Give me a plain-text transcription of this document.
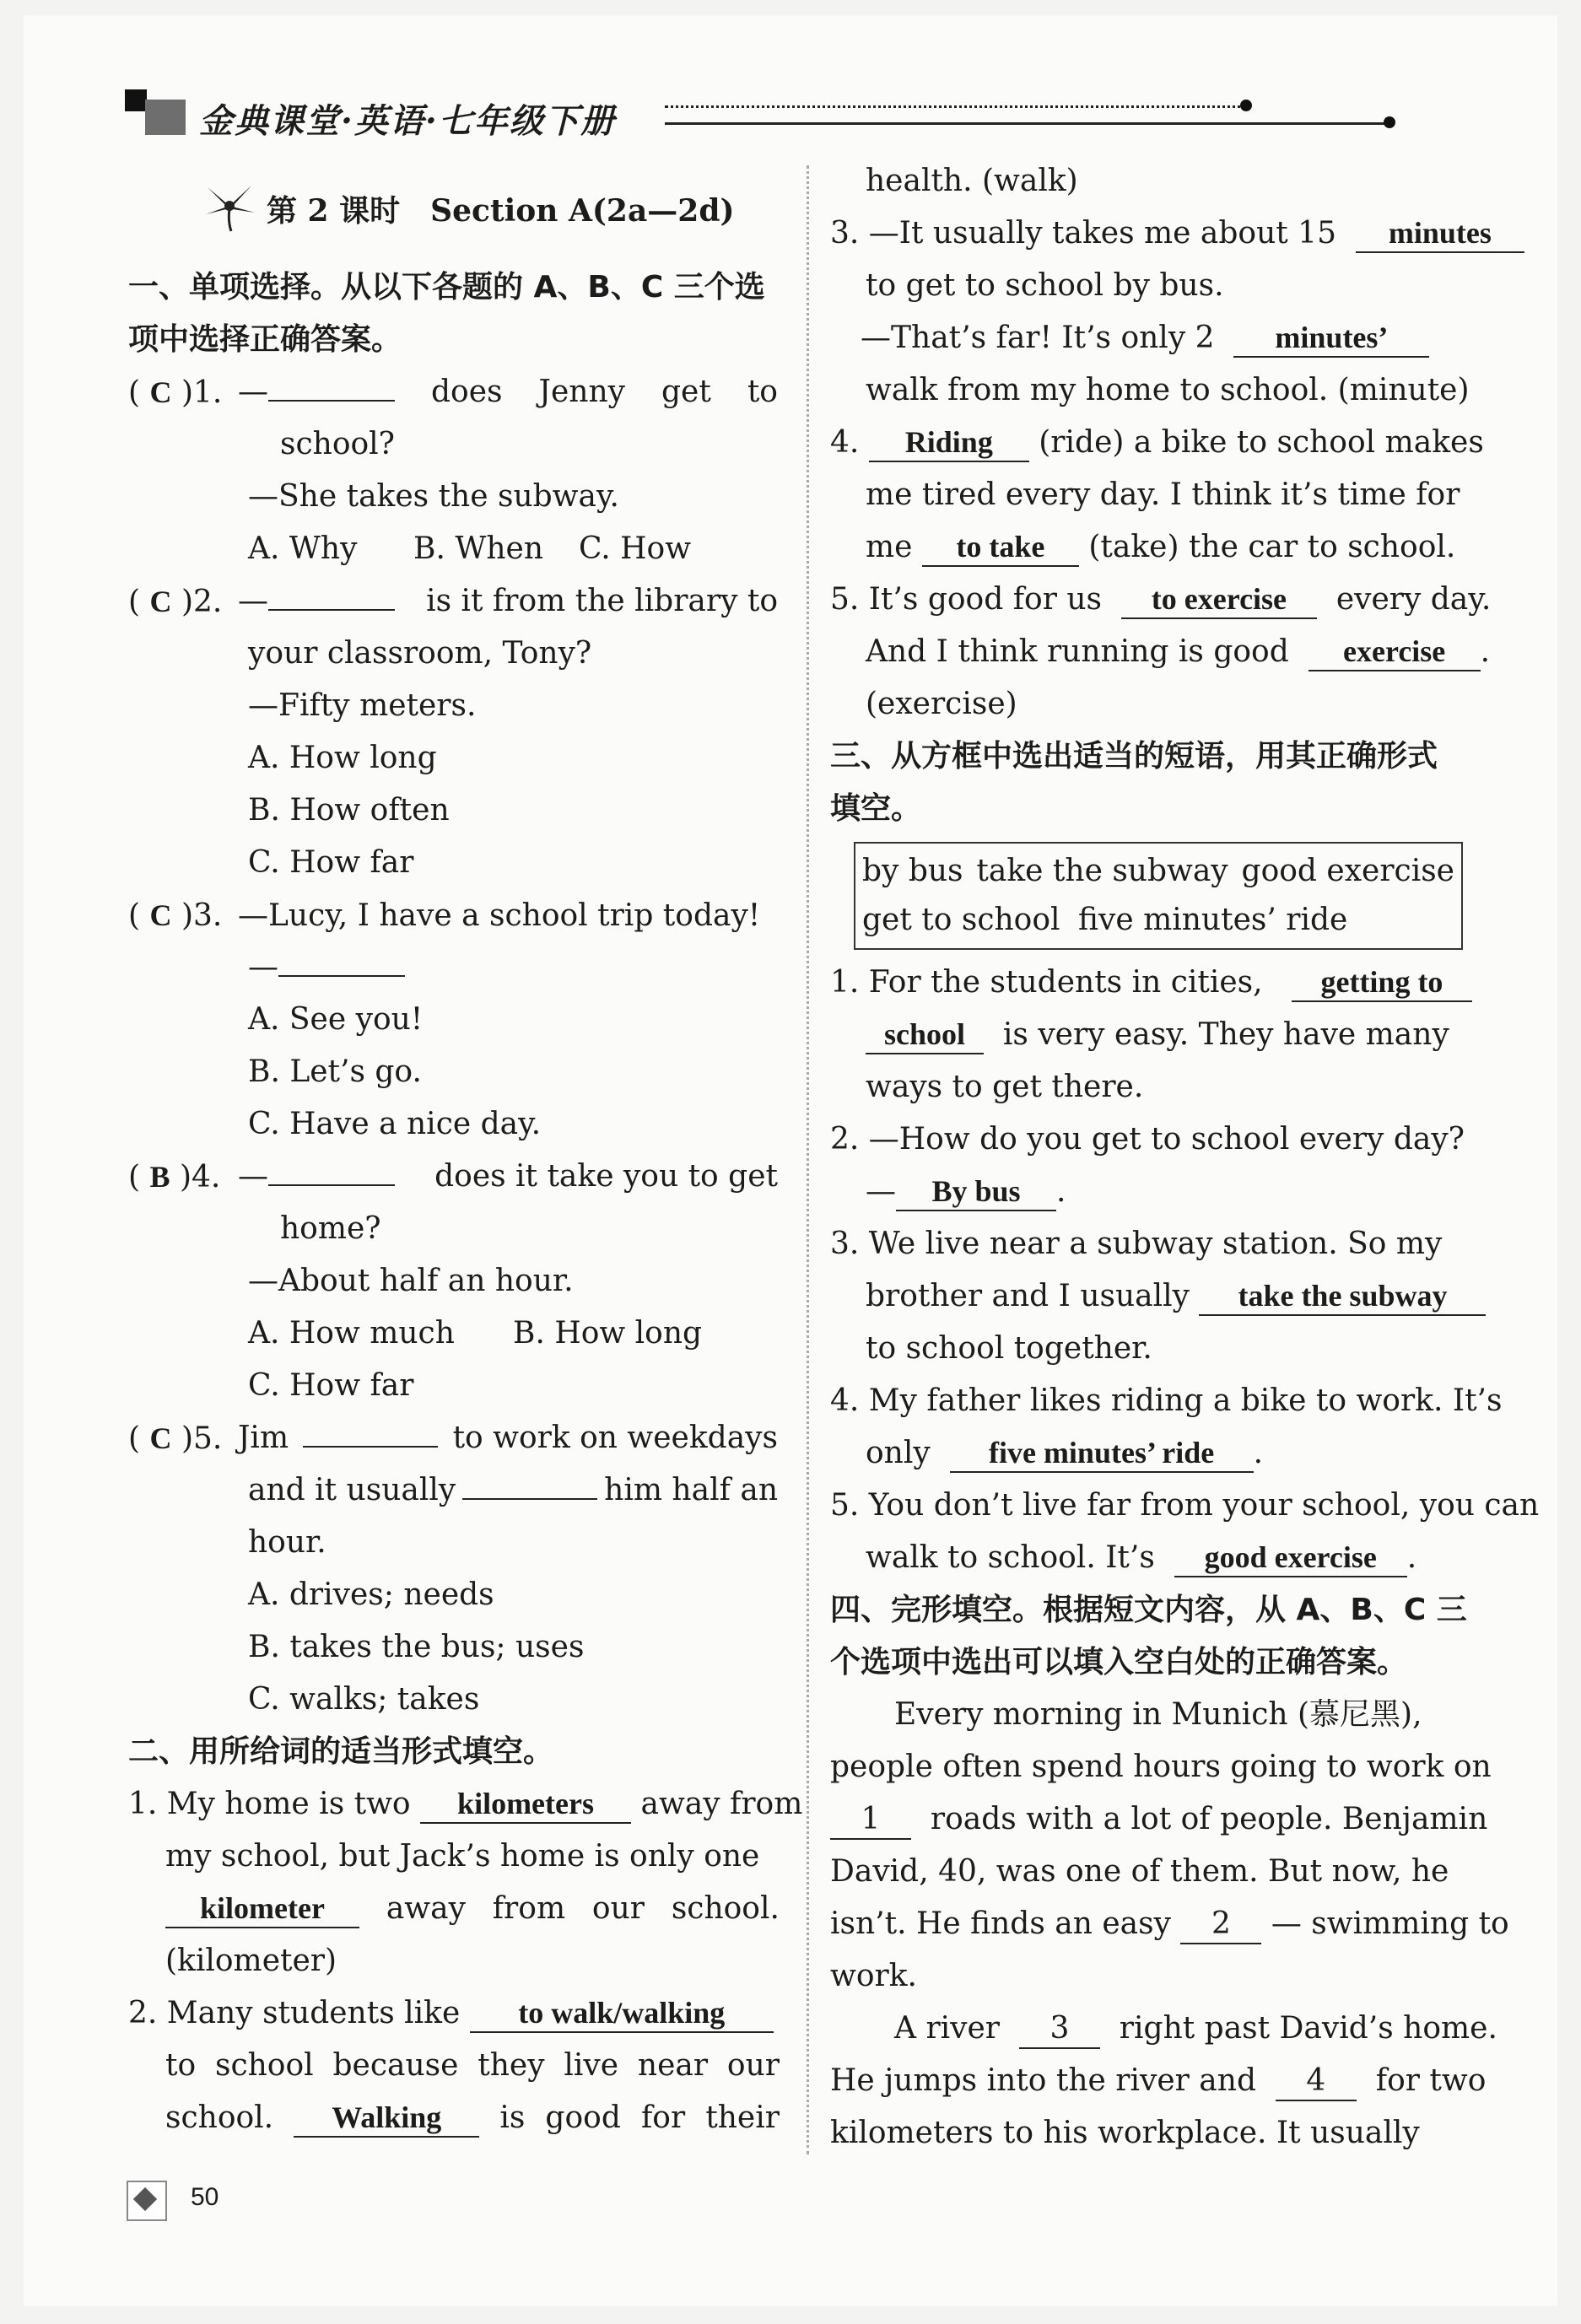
金典课堂·英语·七年级下册
第 2 课时　Section A(2a—2d)
一、单项选择。从以下各题的 A、B、C 三个选
项中选择正确答案。
( C )1. —	does Jenny get to
school?
—She takes the subway.
A. Why B. When C. How
( C )2. —	is it from the library to
your classroom, Tony?
—Fifty meters.
A. How long
B. How often
C. How far
( C )3. —Lucy, I have a school trip today!
—
A. See you!
B. Let’s go.
C. Have a nice day.
( B )4. —	does it take you to get
home?
—About half an hour.
A. How much B. How long
C. How far
( C )5. Jim	to work on weekdays
and it usually	him half an
hour.
A. drives; needs
B. takes the bus; uses
C. walks; takes
二、用所给词的适当形式填空。
1. My home is two kilometers away from
my school, but Jack’s home is only one
kilometer	away from our school.
(kilometer)
2. Many students like to walk/walking
to school because they live near our
school.	Walking	is good for their
health. (walk)
3. —It usually takes me about 15 minutes
to get to school by bus.
—That’s far! It’s only 2 minutes’
walk from my home to school. (minute)
4. Riding (ride) a bike to school makes
me tired every day. I think it’s time for
me to take (take) the car to school.
5. It’s good for us to exercise every day.
And I think running is good exercise .
(exercise)
三、从方框中选出适当的短语，用其正确形式
填空。
by bus take the subway good exercise
get to school five minutes’ ride
1. For the students in cities, getting to
school is very easy. They have many
ways to get there.
2. —How do you get to school every day?
— By bus .
3. We live near a subway station. So my
brother and I usually take the subway
to school together.
4. My father likes riding a bike to work. It’s
only five minutes’ ride .
5. You don’t live far from your school, you can
walk to school. It’s good exercise .
四、完形填空。根据短文内容，从 A、B、C 三
个选项中选出可以填入空白处的正确答案。
Every morning in Munich (慕尼黑),
people often spend hours going to work on
1 roads with a lot of people. Benjamin
David, 40, was one of them. But now, he
isn’t. He finds an easy 2 — swimming to
work.
A river 3 right past David’s home.
He jumps into the river and 4 for two
kilometers to his workplace. It usually
50
